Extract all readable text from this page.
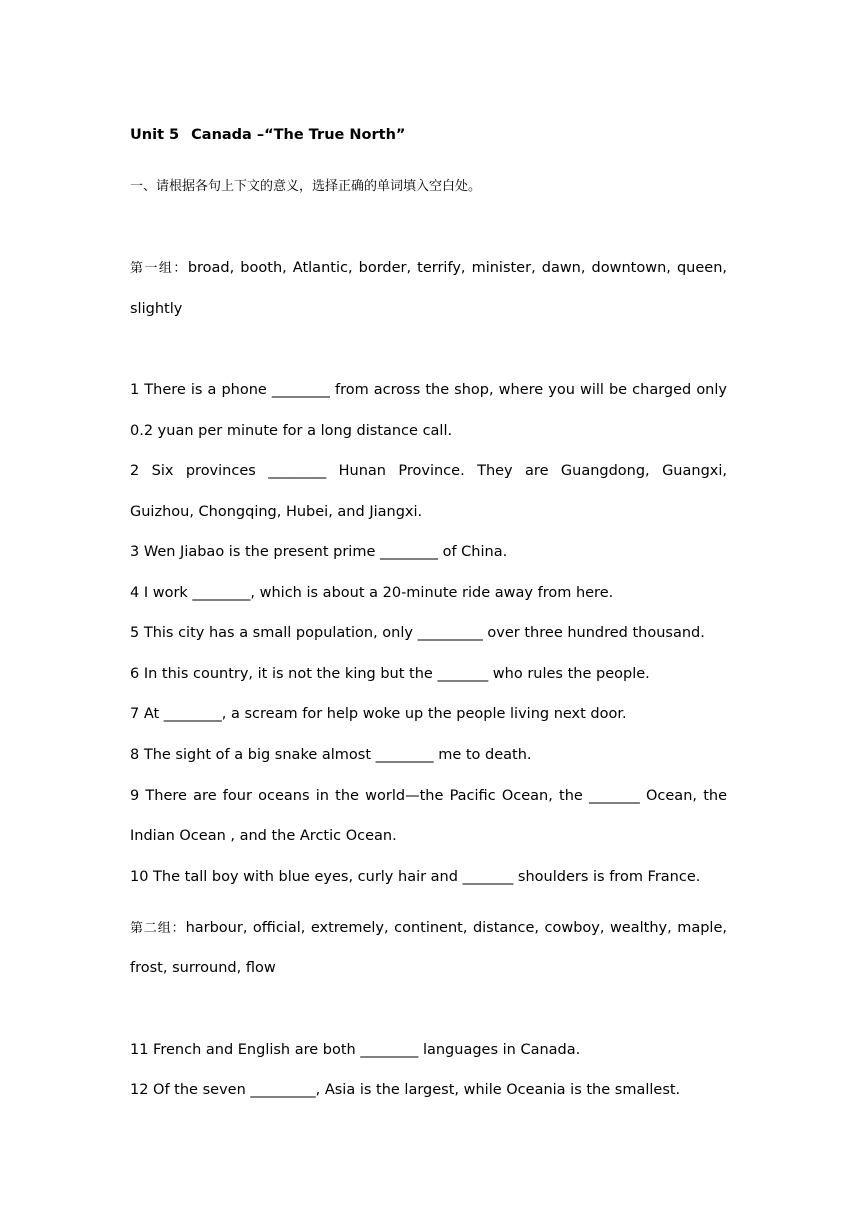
Unit 5 Canada –“The True North”
一、请根据各句上下文的意义，选择正确的单词填入空白处。
第一组：broad, booth, Atlantic, border, terrify, minister, dawn, downtown, queen,
slightly
1 There is a phone ________ from across the shop, where you will be charged only
0.2 yuan per minute for a long distance call.
2 Six provinces ________ Hunan Province. They are Guangdong, Guangxi,
Guizhou, Chongqing, Hubei, and Jiangxi.
3 Wen Jiabao is the present prime ________ of China.
4 I work ________, which is about a 20-minute ride away from here.
5 This city has a small population, only _________ over three hundred thousand.
6 In this country, it is not the king but the _______ who rules the people.
7 At ________, a scream for help woke up the people living next door.
8 The sight of a big snake almost ________ me to death.
9 There are four oceans in the world—the Pacific Ocean, the _______ Ocean, the
Indian Ocean , and the Arctic Ocean.
10 The tall boy with blue eyes, curly hair and _______ shoulders is from France.
第二组：harbour, official, extremely, continent, distance, cowboy, wealthy, maple,
frost, surround, flow
11 French and English are both ________ languages in Canada.
12 Of the seven _________, Asia is the largest, while Oceania is the smallest.
